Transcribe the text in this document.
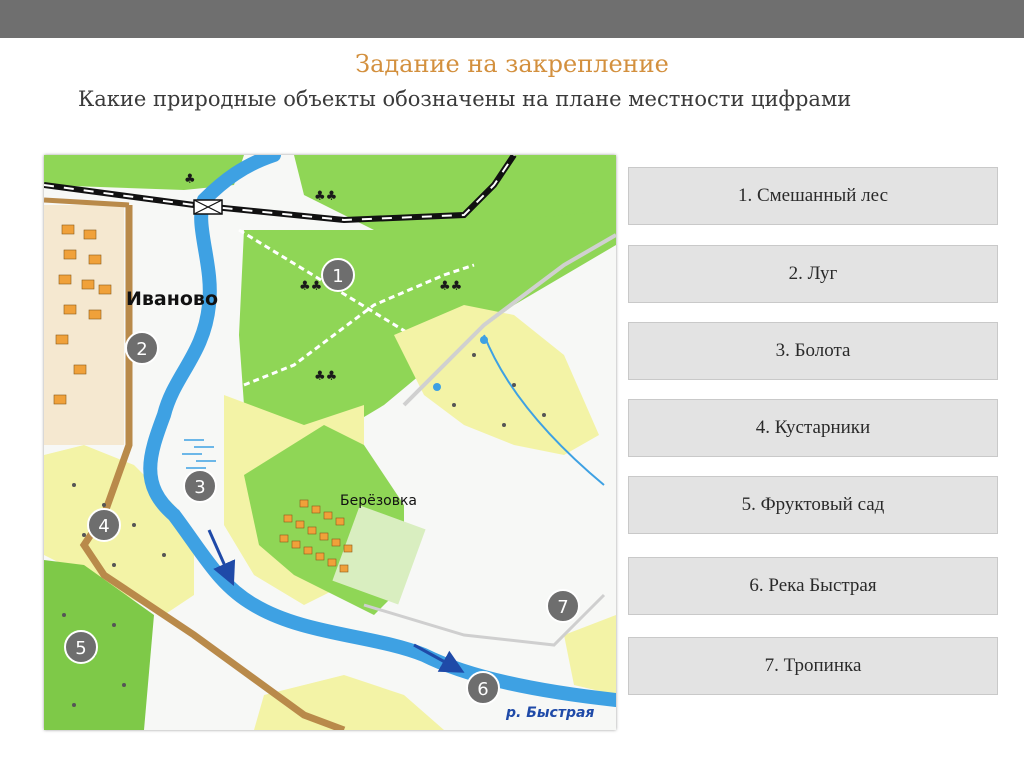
Задание на закрепление
Какие природные объекты обозначены на плане местности цифрами
♣♣	♣♣
♣♣
♣
♣♣
Иваново
Берёзовка
р. Быстрая
1
2
3
4
5
6
7
1. Смешанный лес
2. Луг
3. Болота
4. Кустарники
5. Фруктовый сад
6. Река Быстрая
7. Тропинка
